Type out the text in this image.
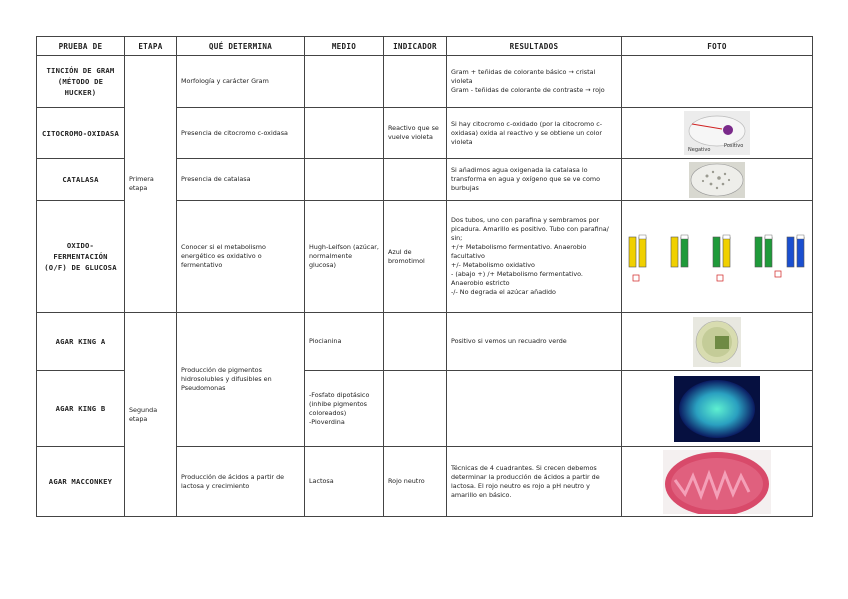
PRUEBA DE	ETAPA	QUÉ DETERMINA	MEDIO	INDICADOR	RESULTADOS	FOTO
TINCIÓN DE GRAM (MÉTODO DE HUCKER)	Primera etapa	Morfología y carácter Gram			Gram + teñidas de colorante básico → cristal violeta
Gram - teñidas de colorante de contraste → rojo	
CITOCROMO-OXIDASA		Presencia de citocromo c-oxidasa		Reactivo que se vuelve violeta	Si hay citocromo c-oxidado (por la citocromo c-oxidasa) oxida al reactivo y se obtiene un color violeta	Negativo
Positivo

CATALASA		Presencia de catalasa			Si añadimos agua oxigenada la catalasa lo transforma en agua y oxígeno que se ve como burbujas	

OXIDO-FERMENTACIÓN (O/F) DE GLUCOSA		Conocer si el metabolismo energético es oxidativo o fermentativo	Hugh-Leifson (azúcar, normalmente glucosa)	Azul de bromotimol	Dos tubos, uno con parafina y sembramos por picadura. Amarillo es positivo. Tubo con parafina/ sin;
+/+ Metabolismo fermentativo. Anaerobio facultativo
+/- Metabolismo oxidativo
- (abajo +) /+ Metabolismo fermentativo. Anaerobio estricto
-/- No degrada el azúcar añadido	

AGAR KING A	Segunda etapa	Producción de pigmentos hidrosolubles y difusibles en Pseudomonas	Piocianina		Positivo si vemos un recuadro verde	

AGAR KING B			-Fosfato dipotásico (inhibe pigmentos coloreados)
-Pioverdina			

AGAR MACCONKEY		Producción de ácidos a partir de lactosa y crecimiento	Lactosa	Rojo neutro	Técnicas de 4 cuadrantes. Si crecen debemos determinar la producción de ácidos a partir de lactosa. El rojo neutro es rojo a pH neutro y amarillo en básico.	
